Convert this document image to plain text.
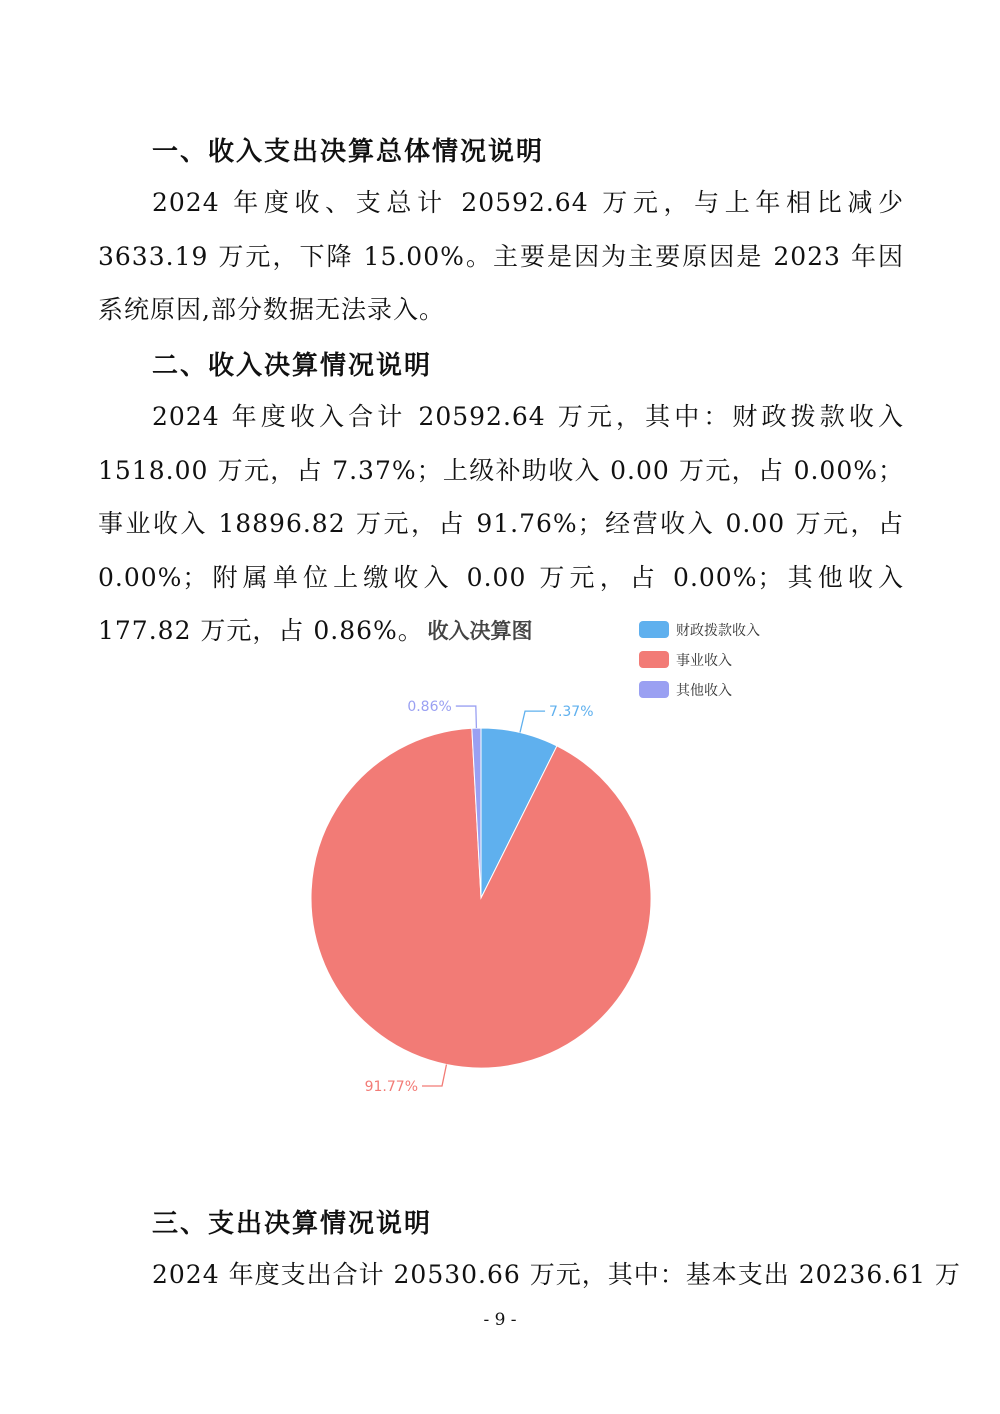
一、收入支出决算总体情况说明
2024 年度收、支总计 20592.64 万元，与上年相比减少 3633.19 万元，下降 15.00%。主要是因为主要原因是 2023 年因系统原因,部分数据无法录入。
二、收入决算情况说明
2024 年度收入合计 20592.64 万元，其中：财政拨款收入 1518.00 万元，占 7.37%；上级补助收入 0.00 万元，占 0.00%；事业收入 18896.82 万元，占 91.76%；经营收入 0.00 万元，占 0.00%；附属单位上缴收入 0.00 万元，占 0.00%；其他收入 177.82 万元，占 0.86%。 收入决算图	财政拨款收入
事业收入
其他收入
7.37%
91.77%
0.86%
三、支出决算情况说明
2024 年度支出合计 20530.66 万元，其中：基本支出 20236.61 万
- 9 -
